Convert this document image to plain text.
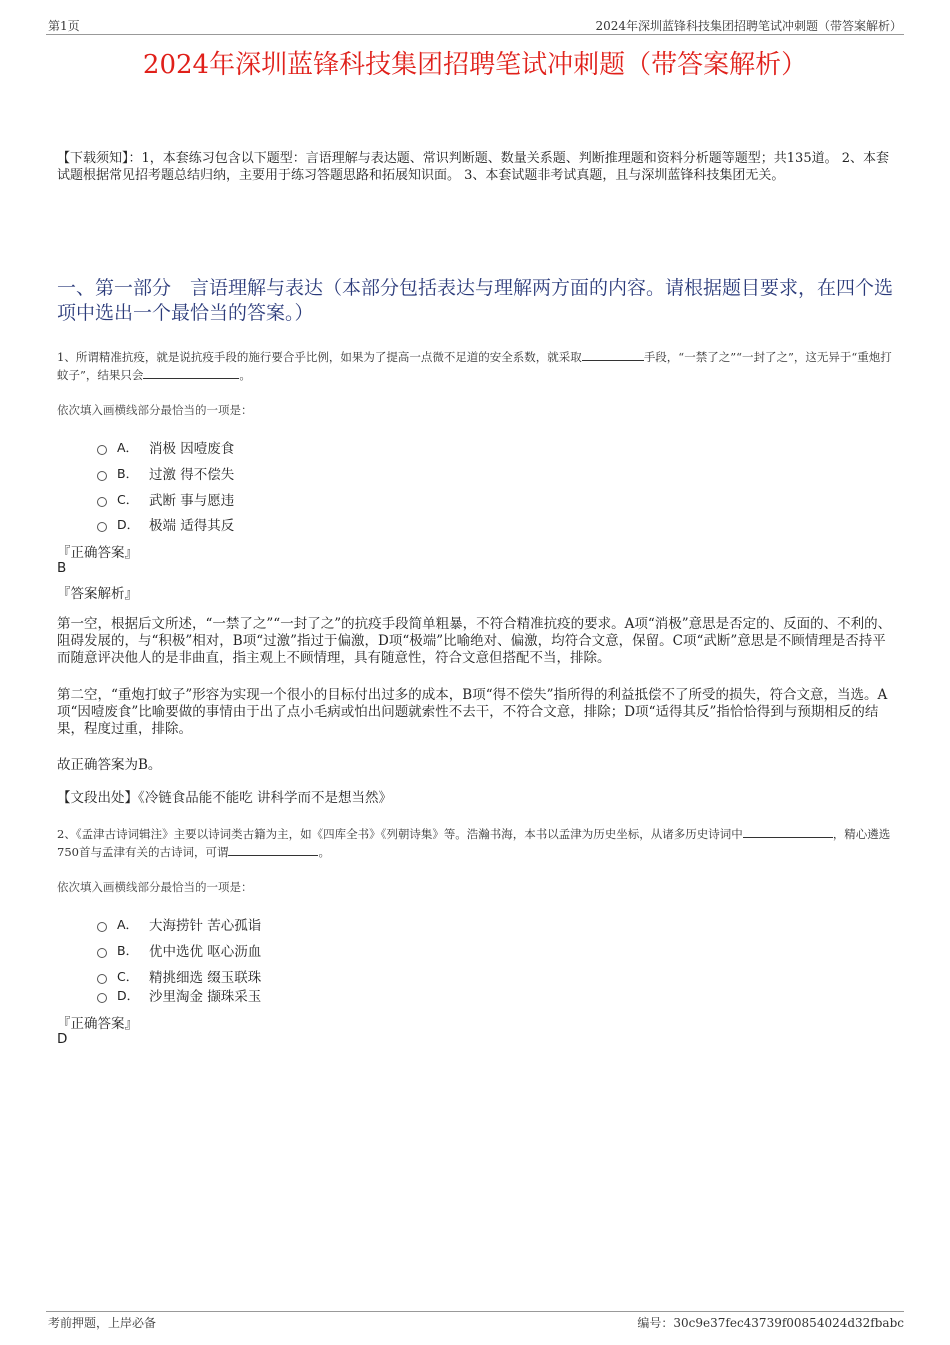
第1页	2024年深圳蓝锋科技集团招聘笔试冲刺题（带答案解析）
2024年深圳蓝锋科技集团招聘笔试冲刺题（带答案解析）
【下载须知】：1，本套练习包含以下题型：言语理解与表达题、常识判断题、数量关系题、判断推理题和资料分析题等题型；共135道。 2、本套试题根据常见招考题总结归纳，主要用于练习答题思路和拓展知识面。 3、本套试题非考试真题，且与深圳蓝锋科技集团无关。
一、第一部分　言语理解与表达（本部分包括表达与理解两方面的内容。请根据题目要求，在四个选项中选出一个最恰当的答案。）
1、所谓精准抗疫，就是说抗疫手段的施行要合乎比例，如果为了提高一点微不足道的安全系数，就采取	手段，“一禁了之”“一封了之”，这无异于“重炮打蚊子”，结果只会	。
依次填入画横线部分最恰当的一项是：
A． 消极 因噎废食
B． 过激 得不偿失
C． 武断 事与愿违
D． 极端 适得其反
『正确答案』
B
『答案解析』
第一空，根据后文所述，“一禁了之”“一封了之”的抗疫手段简单粗暴，不符合精准抗疫的要求。A项“消极”意思是否定的、反面的、不利的、阻碍发展的，与“积极”相对，B项“过激”指过于偏激，D项“极端”比喻绝对、偏激，均符合文意，保留。C项“武断”意思是不顾情理是否持平而随意评决他人的是非曲直，指主观上不顾情理，具有随意性，符合文意但搭配不当，排除。
第二空，“重炮打蚊子”形容为实现一个很小的目标付出过多的成本，B项“得不偿失”指所得的利益抵偿不了所受的损失，符合文意，当选。A项“因噎废食”比喻要做的事情由于出了点小毛病或怕出问题就索性不去干，不符合文意，排除；D项“适得其反”指恰恰得到与预期相反的结果，程度过重，排除。
故正确答案为B。
【文段出处】《冷链食品能不能吃 讲科学而不是想当然》
2、《孟津古诗词辑注》主要以诗词类古籍为主，如《四库全书》《列朝诗集》等。浩瀚书海，本书以孟津为历史坐标，从诸多历史诗词中	，精心遴选750首与孟津有关的古诗词，可谓	。
依次填入画横线部分最恰当的一项是：
A． 大海捞针 苦心孤诣
B． 优中选优 呕心沥血
C． 精挑细选 缀玉联珠
D． 沙里淘金 撷珠采玉
『正确答案』
D
考前押题，上岸必备	编号：30c9e37fec43739f00854024d32fbabc
